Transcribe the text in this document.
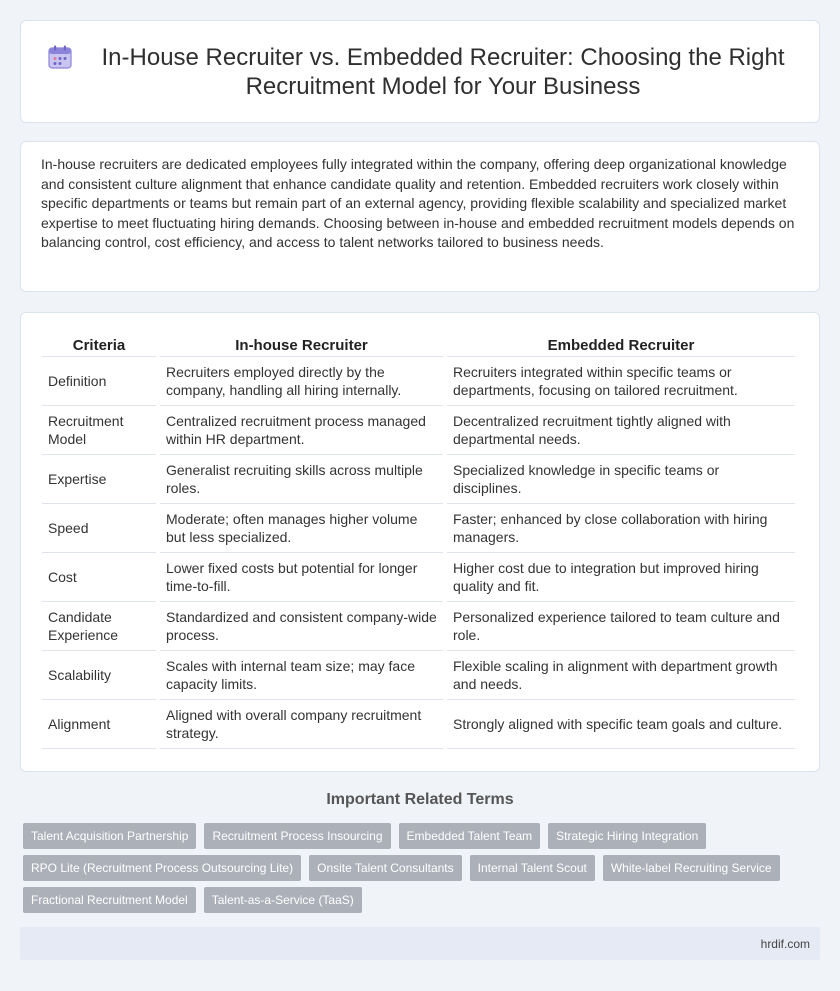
In-House Recruiter vs. Embedded Recruiter: Choosing the Right Recruitment Model for Your Business

In-house recruiters are dedicated employees fully integrated within the company, offering deep organizational knowledge and consistent culture alignment that enhance candidate quality and retention. Embedded recruiters work closely within specific departments or teams but remain part of an external agency, providing flexible scalability and specialized market expertise to meet fluctuating hiring demands. Choosing between in-house and embedded recruitment models depends on balancing control, cost efficiency, and access to talent networks tailored to business needs.

Criteria	In-house Recruiter	Embedded Recruiter
Definition	Recruiters employed directly by the company, handling all hiring internally.	Recruiters integrated within specific teams or departments, focusing on tailored recruitment.
Recruitment Model	Centralized recruitment process managed within HR department.	Decentralized recruitment tightly aligned with departmental needs.
Expertise	Generalist recruiting skills across multiple roles.	Specialized knowledge in specific teams or disciplines.
Speed	Moderate; often manages higher volume but less specialized.	Faster; enhanced by close collaboration with hiring managers.
Cost	Lower fixed costs but potential for longer time-to-fill.	Higher cost due to integration but improved hiring quality and fit.
Candidate Experience	Standardized and consistent company-wide process.	Personalized experience tailored to team culture and role.
Scalability	Scales with internal team size; may face capacity limits.	Flexible scaling in alignment with department growth and needs.
Alignment	Aligned with overall company recruitment strategy.	Strongly aligned with specific team goals and culture.
Important Related Terms
Talent Acquisition Partnership	Recruitment Process Insourcing	Embedded Talent Team	Strategic Hiring Integration
RPO Lite (Recruitment Process Outsourcing Lite)	Onsite Talent Consultants	Internal Talent Scout	White-label Recruiting Service
Fractional Recruitment Model	Talent-as-a-Service (TaaS)
hrdif.com
